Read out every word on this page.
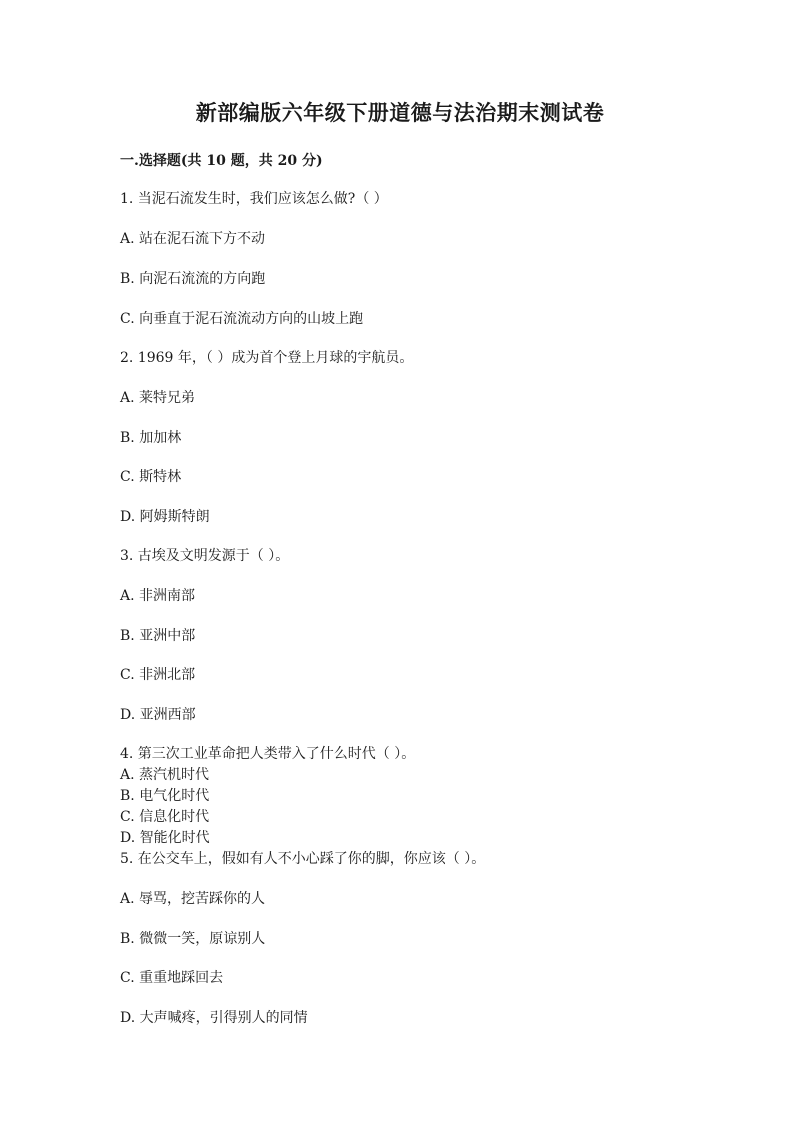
新部编版六年级下册道德与法治期末测试卷
一.选择题(共 10 题，共 20 分)
1. 当泥石流发生时，我们应该怎么做?（ ）
A. 站在泥石流下方不动
B. 向泥石流流的方向跑
C. 向垂直于泥石流流动方向的山坡上跑
2. 1969 年，（ ）成为首个登上月球的宇航员。
A. 莱特兄弟
B. 加加林
C. 斯特林
D. 阿姆斯特朗
3. 古埃及文明发源于（ ）。
A. 非洲南部
B. 亚洲中部
C. 非洲北部
D. 亚洲西部
4. 第三次工业革命把人类带入了什么时代（ ）。
A. 蒸汽机时代
B. 电气化时代
C. 信息化时代
D. 智能化时代
5. 在公交车上，假如有人不小心踩了你的脚，你应该（ ）。
A. 辱骂，挖苦踩你的人
B. 微微一笑，原谅别人
C. 重重地踩回去
D. 大声喊疼，引得别人的同情
